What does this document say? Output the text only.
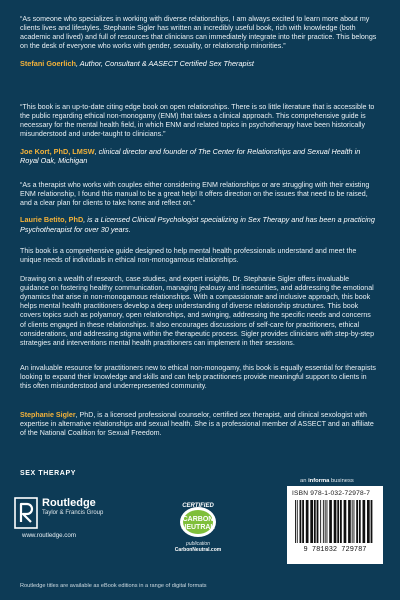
“As someone who specializes in working with diverse relationships, I am always excited to learn more about my clients lives and lifestyles. Stephanie Sigler has written an incredibly useful book, rich with knowledge (both academic and lived) and full of resources that clinicians can immediately integrate into their practice. This belongs on the desk of everyone who works with gender, sexuality, or relationship minorities.”

Stefani Goerlich, Author, Consultant & AASECT Certified Sex Therapist

“This book is an up-to-date citing edge book on open relationships. There is so little literature that is accessible to the public regarding ethical non-monogamy (ENM) that takes a clinical approach. This comprehensive guide is necessary for the mental health field, in which ENM and related topics in psychotherapy have been historically misunderstood and under-taught to clinicians.”

Joe Kort, PhD, LMSW, clinical director and founder of The Center for Relationships and Sexual Health in Royal Oak, Michigan

“As a therapist who works with couples either considering ENM relationships or are struggling with their existing ENM relationship, I found this manual to be a great help! It offers direction on the issues that need to be raised, and a clear plan for clients to take home and reflect on.”

Laurie Betito, PhD, is a Licensed Clinical Psychologist specializing in Sex Therapy and has been a practicing Psychotherapist for over 30 years.

This book is a comprehensive guide designed to help mental health professionals understand and meet the unique needs of individuals in ethical non-monogamous relationships.

Drawing on a wealth of research, case studies, and expert insights, Dr. Stephanie Sigler offers invaluable guidance on fostering healthy communication, managing jealousy and insecurities, and addressing the emotional dynamics that arise in non-monogamous relationships. With a compassionate and inclusive approach, this book helps mental health practitioners develop a deep understanding of diverse relationship structures. This book covers topics such as polyamory, open relationships, and swinging, addressing the specific needs and concerns of clients engaged in these relationships. It also encourages discussions of self-care for practitioners, ethical considerations, and addressing stigma within the therapeutic process. Sigler provides clinicians with step-by-step strategies and interventions mental health practitioners can implement in their sessions.

An invaluable resource for practitioners new to ethical non-monogamy, this book is equally essential for therapists looking to expand their knowledge and skills and can help practitioners provide meaningful support to clients in this often misunderstood and underrepresented community.

Stephanie Sigler, PhD, is a licensed professional counselor, certified sex therapist, and clinical sexologist with expertise in alternative relationships and sexual health. She is a professional member of ASSECT and an affiliate of the National Coalition for Sexual Freedom.

SEX THERAPY
Routledge
Taylor & Francis Group
www.routledge.com
CERTIFIED
CARBON
NEUTRAL
publication
CarbonNeutral.com
an informa business
ISBN 978-1-032-72978-7
9 781032 729787
Routledge titles are available as eBook editions in a range of digital formats
